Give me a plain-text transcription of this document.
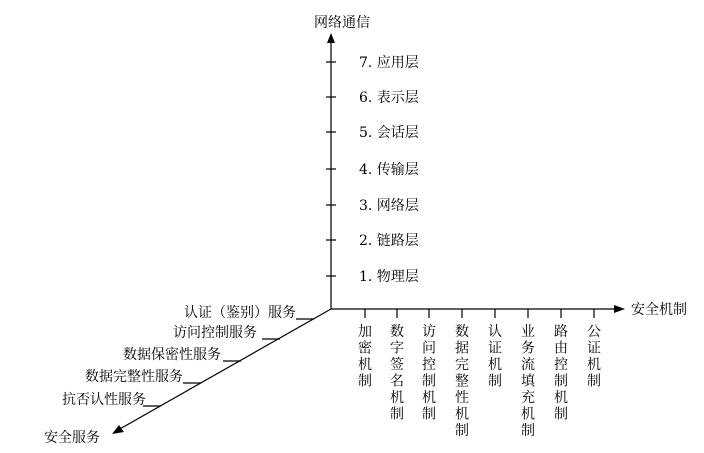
网络通信
安全机制
安全服务
7. 应用层
6. 表示层
5. 会话层
4. 传输层
3. 网络层
2. 链路层
1. 物理层
加密机制
数字签名机制
访问控制机制
数据完整性机制
认证机制
业务流填充机制
路由控制机制
公证机制
认证（鉴别）服务
访问控制服务
数据保密性服务
数据完整性服务
抗否认性服务
